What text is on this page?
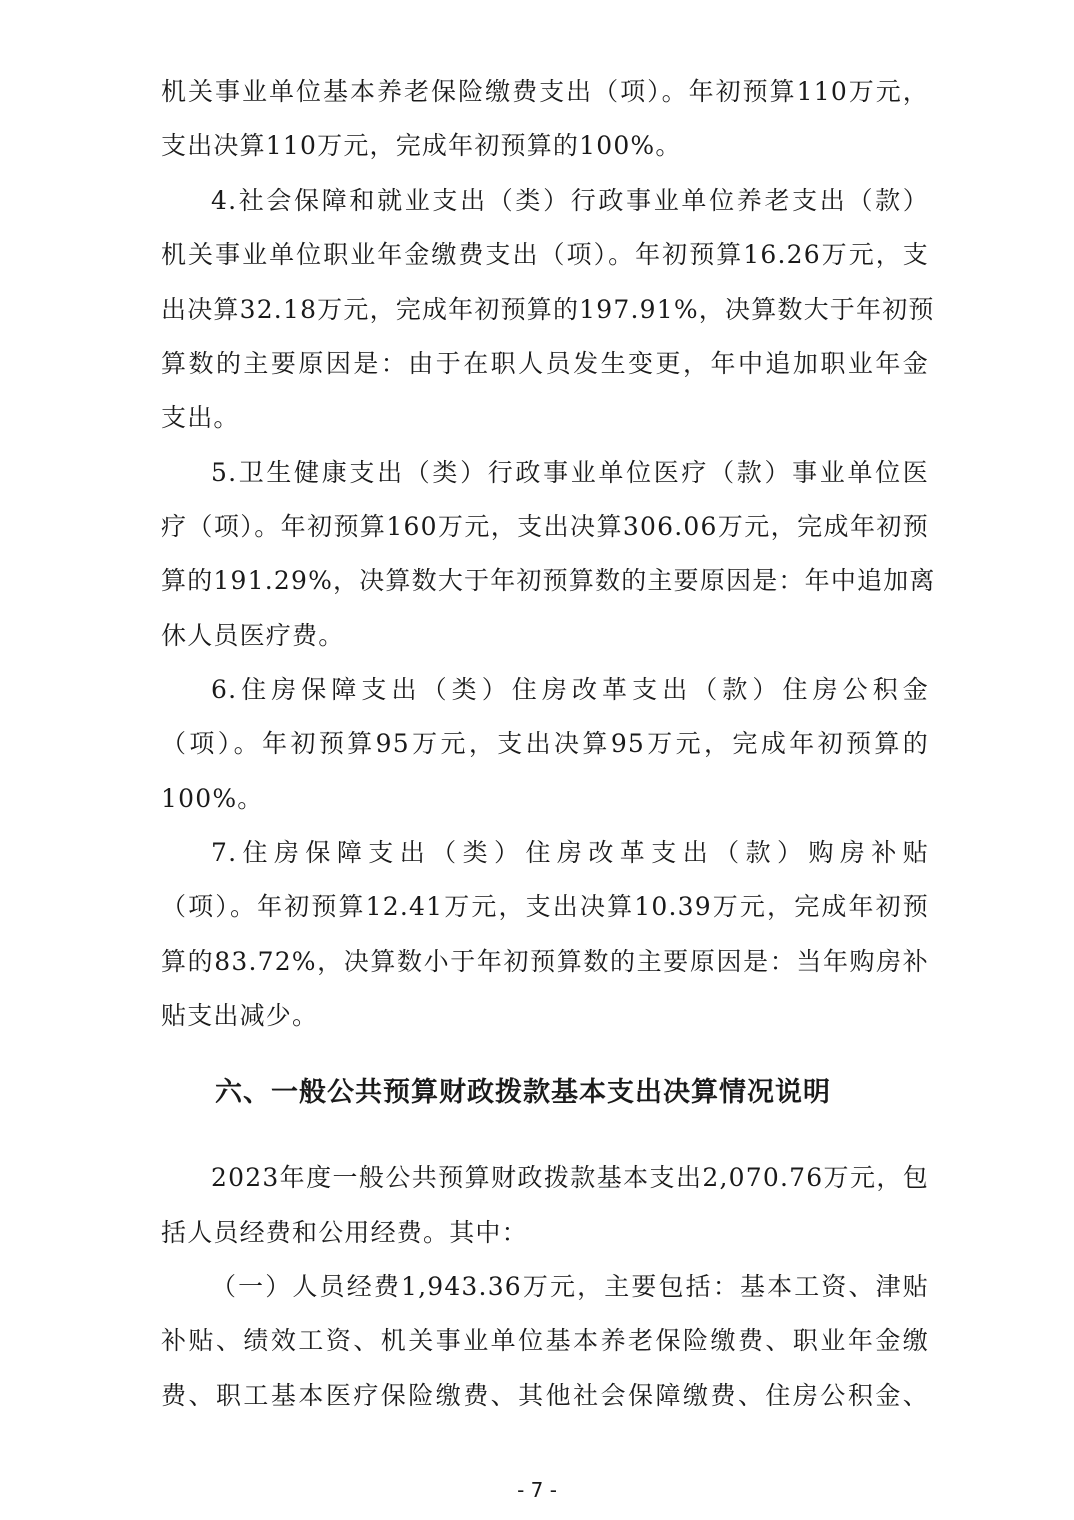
机关事业单位基本养老保险缴费支出（项）。年初预算110万元，
支出决算110万元，完成年初预算的100%。
4.社会保障和就业支出（类）行政事业单位养老支出（款）
机关事业单位职业年金缴费支出（项）。年初预算16.26万元，支
出决算32.18万元，完成年初预算的197.91%，决算数大于年初预
算数的主要原因是：由于在职人员发生变更，年中追加职业年金
支出。
5.卫生健康支出（类）行政事业单位医疗（款）事业单位医
疗（项）。年初预算160万元，支出决算306.06万元，完成年初预
算的191.29%，决算数大于年初预算数的主要原因是：年中追加离
休人员医疗费。
6.住房保障支出（类）住房改革支出（款）住房公积金
（项）。年初预算95万元，支出决算95万元，完成年初预算的
100%。
7.住房保障支出（类）住房改革支出（款）购房补贴
（项）。年初预算12.41万元，支出决算10.39万元，完成年初预
算的83.72%，决算数小于年初预算数的主要原因是：当年购房补
贴支出减少。
六、一般公共预算财政拨款基本支出决算情况说明
2023年度一般公共预算财政拨款基本支出2,070.76万元，包
括人员经费和公用经费。其中：
（一）人员经费1,943.36万元，主要包括：基本工资、津贴
补贴、绩效工资、机关事业单位基本养老保险缴费、职业年金缴
费、职工基本医疗保险缴费、其他社会保障缴费、住房公积金、
- 7 -
